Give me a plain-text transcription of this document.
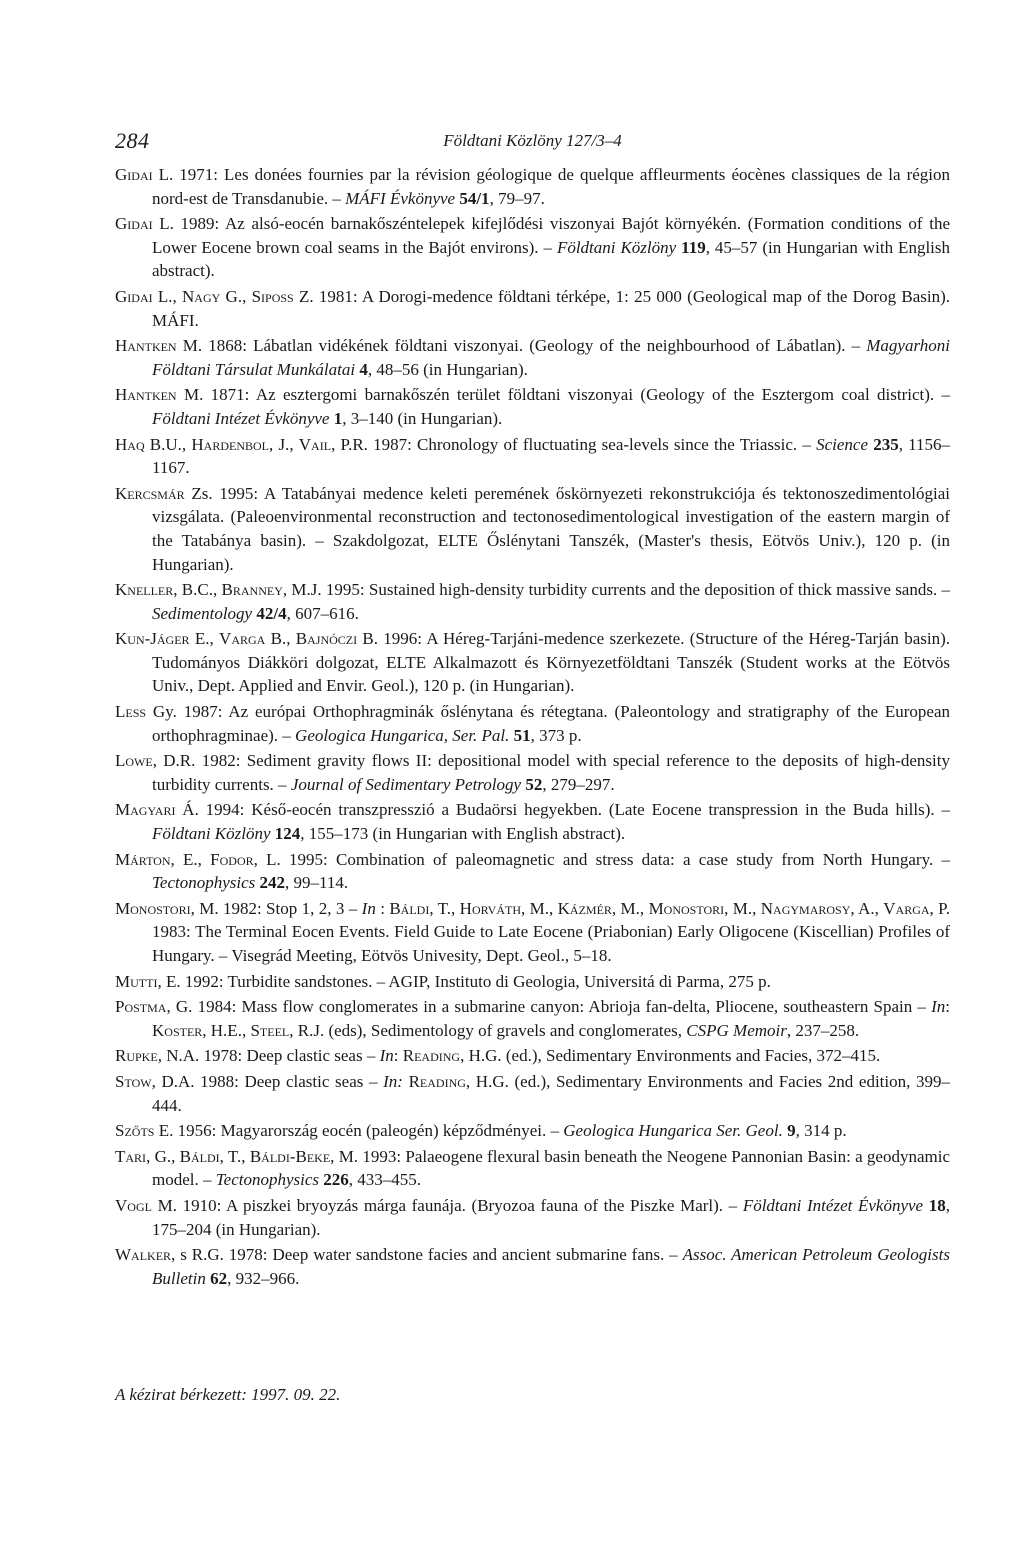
284	Földtani Közlöny 127/3–4

Gidai L. 1971: Les donées fournies par la révision géologique de quelque affleurments éocènes classiques de la région nord-est de Transdanubie. – MÁFI Évkönyve 54/1, 79–97.

Gidai L. 1989: Az alsó-eocén barnakőszéntelepek kifejlődési viszonyai Bajót környékén. (Formation conditions of the Lower Eocene brown coal seams in the Bajót environs). – Földtani Közlöny 119, 45–57 (in Hungarian with English abstract).

Gidai L., Nagy G., Siposs Z. 1981: A Dorogi-medence földtani térképe, 1: 25 000 (Geological map of the Dorog Basin). MÁFI.

Hantken M. 1868: Lábatlan vidékének földtani viszonyai. (Geology of the neighbourhood of Lábatlan). – Magyarhoni Földtani Társulat Munkálatai 4, 48–56 (in Hungarian).

Hantken M. 1871: Az esztergomi barnakőszén terület földtani viszonyai (Geology of the Esztergom coal district). – Földtani Intézet Évkönyve 1, 3–140 (in Hungarian).

Haq B.U., Hardenbol, J., Vail, P.R. 1987: Chronology of fluctuating sea-levels since the Triassic. – Science 235, 1156–1167.

Kercsmár Zs. 1995: A Tatabányai medence keleti peremének őskörnyezeti rekonstrukciója és tektonoszedimentológiai vizsgálata. (Paleoenvironmental reconstruction and tectonosedimentological investigation of the eastern margin of the Tatabánya basin). – Szakdolgozat, ELTE Őslénytani Tanszék, (Master's thesis, Eötvös Univ.), 120 p. (in Hungarian).

Kneller, B.C., Branney, M.J. 1995: Sustained high-density turbidity currents and the deposition of thick massive sands. – Sedimentology 42/4, 607–616.

Kun-Jáger E., Varga B., Bajnóczi B. 1996: A Héreg-Tarjáni-medence szerkezete. (Structure of the Héreg-Tarján basin). Tudományos Diákköri dolgozat, ELTE Alkalmazott és Környezetföldtani Tanszék (Student works at the Eötvös Univ., Dept. Applied and Envir. Geol.), 120 p. (in Hungarian).

Less Gy. 1987: Az európai Orthophragminák őslénytana és rétegtana. (Paleontology and stratigraphy of the European orthophragminae). – Geologica Hungarica, Ser. Pal. 51, 373 p.

Lowe, D.R. 1982: Sediment gravity flows II: depositional model with special reference to the deposits of high-density turbidity currents. – Journal of Sedimentary Petrology 52, 279–297.

Magyari Á. 1994: Késő-eocén transzpresszió a Budaörsi hegyekben. (Late Eocene transpression in the Buda hills). – Földtani Közlöny 124, 155–173 (in Hungarian with English abstract).

Márton, E., Fodor, L. 1995: Combination of paleomagnetic and stress data: a case study from North Hungary. – Tectonophysics 242, 99–114.

Monostori, M. 1982: Stop 1, 2, 3 – In : Báldi, T., Horváth, M., Kázmér, M., Monostori, M., Nagymarosy, A., Varga, P. 1983: The Terminal Eocen Events. Field Guide to Late Eocene (Priabonian) Early Oligocene (Kiscellian) Profiles of Hungary. – Visegrád Meeting, Eötvös Univesity, Dept. Geol., 5–18.

Mutti, E. 1992: Turbidite sandstones. – AGIP, Instituto di Geologia, Universitá di Parma, 275 p.

Postma, G. 1984: Mass flow conglomerates in a submarine canyon: Abrioja fan-delta, Pliocene, southeastern Spain – In: Koster, H.E., Steel, R.J. (eds), Sedimentology of gravels and conglomerates, CSPG Memoir, 237–258.

Rupke, N.A. 1978: Deep clastic seas – In: Reading, H.G. (ed.), Sedimentary Environments and Facies, 372–415.

Stow, D.A. 1988: Deep clastic seas – In: Reading, H.G. (ed.), Sedimentary Environments and Facies 2nd edition, 399–444.

Szőts E. 1956: Magyarország eocén (paleogén) képződményei. – Geologica Hungarica Ser. Geol. 9, 314 p.

Tari, G., Báldi, T., Báldi-Beke, M. 1993: Palaeogene flexural basin beneath the Neogene Pannonian Basin: a geodynamic model. – Tectonophysics 226, 433–455.

Vogl M. 1910: A piszkei bryoyzás márga faunája. (Bryozoa fauna of the Piszke Marl). – Földtani Intézet Évkönyve 18, 175–204 (in Hungarian).

Walker, s R.G. 1978: Deep water sandstone facies and ancient submarine fans. – Assoc. American Petroleum Geologists Bulletin 62, 932–966.

A kézirat bérkezett: 1997. 09. 22.
